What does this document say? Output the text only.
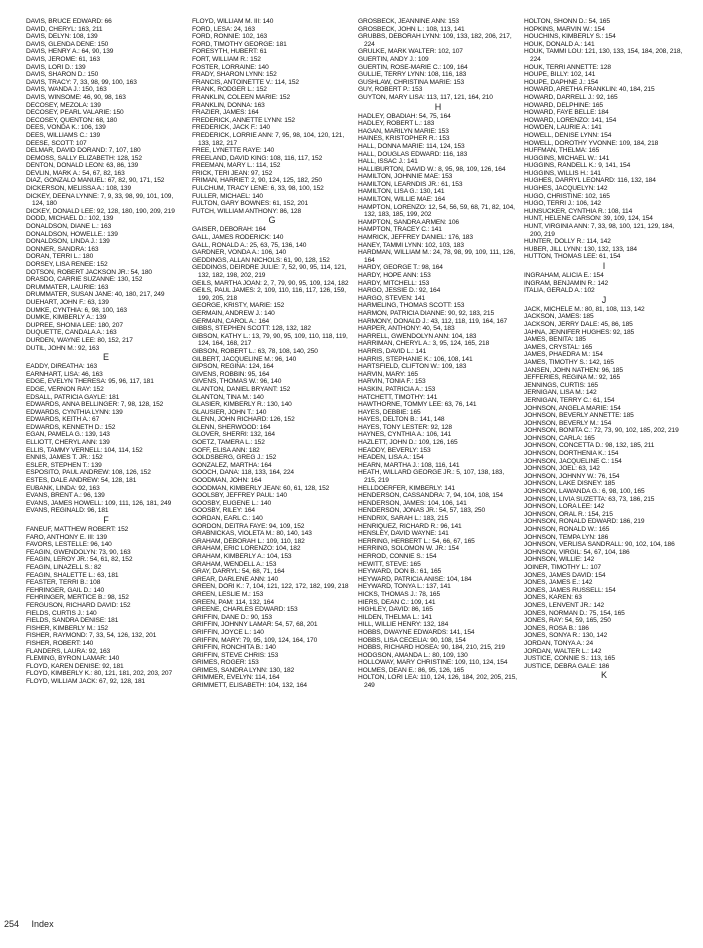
DAVIS, BRUCE EDWARD: 66
DAVID, CHERYL: 163, 211
DAVIS, DELYN: 108, 139
DAVIS, GLENDA DENE: 150
DAVIS, HENRY A.: 64, 90, 139
DAVIS, JEROME: 61, 163
DAVIS, LORI D.: 139
DAVIS, SHARON D.: 150
DAVIS, TRACY: 7, 33, 98, 99, 100, 163
DAVIS, WANDA J.: 150, 163
DAVIS, WINSOME: 46, 90, 98, 163
DECOSEY, MEZOLA: 139
DECOSEY, PEARL VALARIE: 150
DECOSEY, QUENTON: 68, 180
DEES, VONDA K.: 106, 139
DEES, WILLIAMS C.: 139
DEESE, SCOTT: 107
DELMAR, DAVID DORAND: 7, 107, 180
DEMOSS, SALLY ELIZABETH: 128, 152
DENTON, DONALD LEON: 63, 86, 139
DEVLIN, MARK A.: 54, 67, 82, 163
DIAZ, GONZALO MANUEL: 67, 82, 90, 171, 152
DICKERSON, MELISSA A.: 108, 139
DICKEY, DEENA LYNNE: 7, 9, 33, 98, 99, 101, 109, 124, 180
DICKEY, DONALD LEE: 92, 128, 180, 190, 209, 219
DODD, MICHAEL D.: 102, 139
DONALDSON, DIANE L.: 163
DONALDSON, HOWELLE.: 139
DONALDSON, LINDA J.: 139
DONNER, SANDRA: 163
DORAN, TERRI L.: 180
DORSEY, LISA RENEE: 152
DOTSON, ROBERT JACKSON JR.: 54, 180
DRASDO, CARRIE SUZANNE: 130, 152
DRUMMATER, LAURIE: 163
DRUMMATER, SUSAN JANE: 40, 180, 217, 249
DUEHART, JOHN F.: 63, 139
DUMKE, CYNTHIA: 6, 98, 100, 163
DUMKE, KIMBERLY A.: 139
DUPREE, SHONIA LEE: 180, 207
DUQUETTE, CANDALA A.: 163
DURDEN, WAYNE LEE: 80, 152, 217
DUTIL, JOHN M.: 92, 163
E
EADDY, DIREATHA: 163
EARNHART, LISA: 46, 163
EDGE, EVELYN THERESA: 95, 96, 117, 181
EDGE, VERNON RAY: 152
EDSALL, PATRICIA GAYLE: 181
EDWARDS, ANNA BELLINGER: 7, 98, 128, 152
EDWARDS, CYNTHIA LYNN: 139
EDWARDS, KEITH A.: 67
EDWARDS, KENNETH D.: 152
EGAN, PAMELA G.: 139, 143
ELLIOTT, CHERYL ANN: 139
ELLIS, TAMMY VERNELL: 104, 114, 152
ENNIS, JAMES T. JR.: 152
ESLER, STEPHEN T.: 139
ESPOSITO, PAUL ANDREW: 108, 126, 152
ESTES, DALE ANDREW: 54, 128, 181
EUBANK, LINDA: 92, 163
EVANS, BRENT A.: 96, 139
EVANS, JAMES HOWELL: 109, 111, 126, 181, 249
EVANS, REGINALD: 96, 181
F
FANEUF, MATTHEW ROBERT: 152
FARO, ANTHONY E. III: 139
FAVORS, LESTELLE: 96, 140
FEAGIN, GWENDOLYN: 73, 90, 163
FEAGIN, LEROY JR.: 54, 61, 82, 152
FEAGIN, LINAZELL S.: 82
FEAGIN, SHALETTE L.: 63, 181
FEASTER, TERRI B.: 108
FEHRINGER, GAIL D.: 140
FEHRINGER, MERTICE B.: 98, 152
FERGUSON, RICHARD DAVID: 152
FIELDS, CURTIS J.: 140
FIELDS, SANDRA DENISE: 181
FISHER, KIMBERLY M.: 152
FISHER, RAYMOND: 7, 33, 54, 126, 132, 201
FISHER, ROBERT: 140
FLANDERS, LAURA: 92, 163
FLEMING, BYRON LAMAR: 140
FLOYD, KAREN DENISE: 92, 181
FLOYD, KIMBERLY K.: 80, 121, 181, 202, 203, 207
FLOYD, WILLIAM JACK: 67, 92, 128, 181
FLOYD, WILLIAM M. III: 140
FORD, LESA: 24, 163
FORD, RONNIE: 102, 163
FORD, TIMOTHY GEORGE: 181
FORESYTH, HUBERT: 61
FORT, WILLIAM R.: 152
FOSTER, LORRAINE: 140
FRADY, SHARON LYNN: 152
FRANCIS, ANTOINETTE V.: 114, 152
FRANK, RODGER L.: 152
FRANKLIN, COLEEN MARIE: 152
FRANKLIN, DONNA: 163
FRAZIER, JAMES: 164
FREDERICK, ANNETTE LYNN: 152
FREDERICK, JACK F.: 140
FREDERICK, LORRIE ANN: 7, 95, 98, 104, 120, 121, 133, 182, 217
FREE, LYNETTE RAYE: 140
FREELAND, DAVID KING: 108, 116, 117, 152
FREEMAN, MARY L.: 114, 152
FRICK, TERI JEAN: 97, 152
FRIMAN, HARRIET: 2, 90, 124, 125, 182, 250
FULCHUM, TRACY LENE: 6, 33, 98, 100, 152
FULLER, MICHAEL: 140
FULTON, GARY BOWNES: 61, 152, 201
FUTCH, WILLIAM ANTHONY: 86, 128
G
GAISER, DEBORAH: 164
GALL, JAMES RODERICK: 140
GALL, RONALD A.: 25, 63, 75, 136, 140
GARDNER, VONDA A.: 106, 140
GEDDINGS, ALLAN NICHOLS: 61, 90, 128, 152
GEDDINGS, DEIRDRE JULIE: 7, 52, 90, 95, 114, 121, 132, 182, 198, 202, 219
GEILS, MARTHA JOAN: 2, 7, 79, 90, 95, 109, 124, 182
GEILS, PAUL JAMES: 2, 109, 110, 116, 117, 126, 159, 199, 205, 218
GEORGE, KRISTY, MARIE: 152
GERMAIN, ANDREW J.: 140
GERMAIN, CAROL A.: 164
GIBBS, STEPHEN SCOTT: 128, 132, 182
GIBSON, KATHY L.: 13, 79, 90, 95, 109, 110, 118, 119, 124, 164, 168, 217
GIBSON, ROBERT L.: 63, 78, 108, 140, 250
GILBERT, JACQUELINE M.: 96, 140
GIPSON, REGINA: 124, 164
GIVENS, ROBBIN: 95, 164
GIVENS, THOMAS W.: 96, 140
GLANTON, DANIEL BRYANT: 152
GLANTON, TINA M.: 140
GLASIER, KIMBERLY R.: 130, 140
GLAUSIER, JOHN T.: 140
GLENN, JOHN RICHARD: 126, 152
GLENN, SHERWOOD: 164
GLOVER, SHERRI: 132, 164
GOETZ, TAMERA L.: 152
GOFF, ELISA ANN: 182
GOLDSBERG, GREG J.: 152
GONZALEZ, MARTHA: 164
GOOCH, DANA: 118, 133, 164, 224
GOODMAN, JOHN: 164
GOODMAN, KIMBERLY JEAN: 60, 61, 128, 152
GOOLSBY, JEFFREY PAUL: 140
GOOSBY, EUGENE L.: 140
GOOSBY, RILEY: 164
GORDAN, EARL C.: 140
GORDON, DEITRA FAYE: 94, 109, 152
GRABNICKAS, VIOLETA M.: 80, 140, 143
GRAHAM, DEBORAH L.: 109, 110, 182
GRAHAM, ERIC LORENZO: 104, 182
GRAHAM, KIMBERLY A.: 104, 153
GRAHAM, WENDELL A.: 153
GRAY, DARRYL: 54, 68, 71, 164
GREAR, DARLENE ANN: 140
GREEN, DORI K.: 7, 104, 121, 122, 172, 182, 199, 218
GREEN, LESLIE M.: 153
GREEN, PAM: 114, 132, 164
GREENE, CHARLES EDWARD: 153
GRIFFIN, DANE D.: 90, 153
GRIFFIN, JOHNNY LAMAR: 54, 57, 68, 201
GRIFFIN, JOYCE L.: 140
GRIFFIN, MARY: 79, 95, 109, 124, 164, 170
GRIFFIN, RONCHITA B.: 140
GRIFFIN, STEVE CHRIS: 153
GRIMES, ROGER: 153
GRIMES, SANDRA LYNN: 130, 182
GRIMMER, EVELYN: 114, 164
GRIMMETT, ELISABETH: 104, 132, 164
GROSBECK, JEANNINE ANN: 153
GROSBECK, JOHN L.: 108, 113, 141
GRUBBS, DEBORAH LYNN: 109, 133, 182, 206, 217, 224
GRULKE, MARK WALTER: 102, 107
GUERTIN, ANDY J.: 109
GUERTIN, ROSE-MARIE C.: 109, 164
GULLIE, TERRY LYNN: 108, 116, 183
GUSHLAW, CHRISTINA MARIE: 153
GUY, ROBERT P.: 153
GUYTON, MARY LISA: 113, 117, 121, 164, 210
H
HADLEY, OBADIAH: 54, 75, 164
HADLEY, ROBERT L.: 183
HAGAN, MARILYN MARIE: 153
HAINES, KRISTOPHER R.: 153
HALL, DONNA MARIE: 114, 124, 153
HALL, DOUGLAS EDWARD: 116, 183
HALL, ISSAC J.: 141
HALLIBURTON, DAVID W.: 8, 95, 98, 109, 126, 164
HAMILTON, JOHNNIE MAE: 153
HAMILTON, LEARNDIS JR.: 61, 153
HAMILTON, LISA G.: 130, 141
HAMILTON, WILLIE MAE: 164
HAMPTON, LORENZO: 12, 54, 56, 59, 68, 71, 82, 104, 132, 183, 185, 199, 202
HAMPTON, SANDRA ARMEN: 106
HAMPTON, TRACEY C.: 141
HAMRICK, JEFFREY DANIEL: 176, 183
HANEY, TAMMI LYNN: 102, 103, 183
HARDMAN, WILLIAM M.: 24, 78, 98, 99, 109, 111, 126, 164
HARDY, GEORGE T.: 98, 164
HARDY, HOPE ANN: 153
HARDY, MITCHELL: 153
HARGO, JESSIE D.: 92, 164
HARGO, STEVEN: 141
HARMELING, THOMAS SCOTT: 153
HARMON, PATRICIA DIANNE: 90, 92, 183, 215
HARMONY, DONALD J.: 43, 112, 118, 119, 164, 167
HARPER, ANTHONY: 40, 54, 183
HARRELL, GWENDOLYN ANN: 104, 183
HARRIMAN, CHERYL A.: 3, 95, 124, 165, 218
HARRIS, DAVID L.: 141
HARRIS, STEPHANIE K.: 106, 108, 141
HARTSFIELD, CLIFTON W.: 109, 183
HARVIN, MARY: 165
HARVIN, TONIA F.: 153
HASKIN, PATRICIA A.: 153
HATCHETT, TIMOTHY: 141
HAWTHORNE, TOMMY LEE: 63, 76, 141
HAYES, DEBBIE: 165
HAYES, DELTON B.: 141, 148
HAYES, TONY LESTER: 92, 128
HAYNES, CYNTHIA A.: 106, 141
HAZLETT, JOHN D.: 109, 126, 165
HEADDY, BEVERLY: 153
HEADEN, LISA A.: 154
HEARN, MARTHA J.: 108, 116, 141
HEATH, WILLARD GEORGE JR.: 5, 107, 138, 183, 215, 219
HELLDOERFER, KIMBERLY: 141
HENDERSON, CASSANDRA: 7, 94, 104, 108, 154
HENDERSON, JAMES: 104, 106, 141
HENDERSON, JONAS JR.: 54, 57, 183, 250
HENDRIX, SARAH L.: 183, 215
HENRIQUEZ, RICHARD R.: 96, 141
HENSLEY, DAVID WAYNE: 141
HERRING, HERBERT L.: 54, 66, 67, 165
HERRING, SOLOMON W. JR.: 154
HERROD, CONNIE S.: 154
HEWITT, STEVE: 165
HEYWARD, DON B.: 61, 165
HEYWARD, PATRICIA ANISE: 104, 184
HEYWARD, TONYA L.: 137, 141
HICKS, THOMAS J.: 78, 165
HIERS, DEAN C.: 109, 141
HIGHLEY, DAVID: 86, 165
HILDEN, THELMA L.: 141
HILL, WILLIE HENRY: 132, 184
HOBBS, DWAYNE EDWARDS: 141, 154
HOBBS, LISA CECELIA: 90, 108, 154
HOBBS, RICHARD HOSEA: 90, 184, 210, 215, 219
HODGSON, AMANDA L.: 80, 109, 130
HOLLOWAY, MARY CHRISTINE: 109, 110, 124, 154
HOLMES, DEAN E.: 86, 95, 126, 165
HOLTON, LORI LEA: 110, 124, 126, 184, 202, 205, 215, 249
HOLTON, SHONN D.: 54, 165
HOPKINS, MARVIN W.: 154
HOUCHINS, KIMBERLY S.: 154
HOUK, DONALD A.: 141
HOUK, TAMMI LOU: 121, 130, 133, 154, 184, 208, 218, 224
HOUK, TERRI ANNETTE: 128
HOUPE, BILLY: 102, 141
HOUPE, DAPHNE J.: 154
HOWARD, ARETHA FRANKLIN: 40, 184, 215
HOWARD, DARRELL J.: 92, 165
HOWARD, DELPHINE: 165
HOWARD, FAYE BELLE: 184
HOWARD, LORENZO: 141, 154
HOWDEN, LAURIE A.: 141
HOWELL, DENISE LYNN: 154
HOWELL, DOROTHY YVONNE: 109, 184, 218
HUFFMAN, THELMA: 165
HUGGINS, MICHAEL W.: 141
HUGGINS, RANDELL K.: 9, 141, 154
HUGGINS, WILLIS H.: 141
HUGHES, DARRYL LEONARD: 116, 132, 184
HUGHES, JACQUELYN: 142
HUGO, CHRISTINE: 102, 165
HUGO, TERRI J.: 106, 142
HUNSUCKER, CYNTHIA R.: 108, 114
HUNT, HELENE CARSON: 39, 109, 124, 154
HUNT, VIRGINIA ANN: 7, 33, 98, 100, 121, 129, 184, 200, 219
HUNTER, DOLLY R.: 114, 142
HUBER, JILL LYNN: 130, 132, 133, 184
HUTTON, THOMAS LEE: 61, 154
I
INGRAHAM, ALICIA E.: 154
INGRAM, BENJAMIN R.: 142
ITALIA, GERALD A.: 102
J
JACK, MICHELE M.: 80, 81, 108, 113, 142
JACKSON, JAMES: 185
JACKSON, JERRY DALE: 45, 86, 185
JAHNA, JENNIFER HUGHES: 92, 185
JAMES, BENITA: 185
JAMES, CRYSTAL: 165
JAMES, PHAEDRA M.: 154
JAMES, TIMOTHY S.: 142, 165
JANSEN, JOHN NATHEN: 96, 185
JEFFERIES, REGINA M.: 92, 165
JENNINGS, CURTIS: 165
JERNIGAN, LISA M.: 142
JERNIGAN, TERRY C.: 61, 154
JOHNSON, ANGELA MARIE: 154
JOHNSON, BEVERLY ANNETTE: 185
JOHNSON, BEVERLY M.: 154
JOHNSON, BONITA C.: 72, 73, 90, 102, 185, 202, 219
JOHNSON, CARLA: 165
JOHNSON, CONCETTA D.: 98, 132, 185, 211
JOHNSON, DORTHENIA K.: 154
JOHNSON, JACQUELINE C.: 154
JOHNSON, JOEL: 63, 142
JOHNSON, JOHNNY W.: 76, 154
JOHNSON, LAKE DISNEY: 185
JOHNSON, LAWANDA G.: 6, 98, 100, 165
JOHNSON, LIVIA SUZETTA: 63, 73, 186, 215
JOHNSON, LORA LEE: 142
JOHNSON, ORAL R.: 154, 215
JOHNSON, RONALD EDWARD: 186, 219
JOHNSON, RONALD W.: 165
JOHNSON, TEMPA LYN: 186
JOHNSON, VERLISA SANDRALL: 90, 102, 104, 186
JOHNSON, VIRGIL: 54, 67, 104, 186
JOHNSON, WILLIE: 142
JOINER, TIMOTHY L.: 107
JONES, JAMES DAVID: 154
JONES, JAMES E.: 142
JONES, JAMES RUSSELL: 154
JONES, KAREN: 63
JONES, LENVENT JR.: 142
JONES, NORMAN D.: 75, 154, 165
JONES, RAY: 54, 59, 165, 250
JONES, ROSA B.: 186
JONES, SONYA R.: 130, 142
JORDAN, TONYA A.: 24
JORDAN, WALTER L.: 142
JUSTICE, CONNIE S.: 113, 165
JUSTICE, DEBRA GALE: 186
K
254 Index
